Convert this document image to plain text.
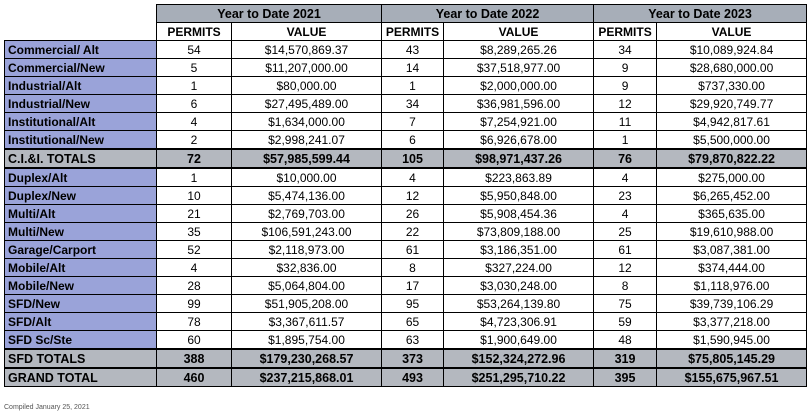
	Year to Date 2021		Year to Date 2022		Year to Date 2023	
	PERMITS	VALUE	PERMITS	VALUE	PERMITS	VALUE
Commercial/ Alt	54	$14,570,869.37	43	$8,289,265.26	34	$10,089,924.84
Commercial/New	5	$11,207,000.00	14	$37,518,977.00	9	$28,680,000.00
Industrial/Alt	1	$80,000.00	1	$2,000,000.00	9	$737,330.00
Industrial/New	6	$27,495,489.00	34	$36,981,596.00	12	$29,920,749.77
Institutional/Alt	4	$1,634,000.00	7	$7,254,921.00	11	$4,942,817.61
Institutional/New	2	$2,998,241.07	6	$6,926,678.00	1	$5,500,000.00
C.I.&I. TOTALS	72	$57,985,599.44	105	$98,971,437.26	76	$79,870,822.22
Duplex/Alt	1	$10,000.00	4	$223,863.89	4	$275,000.00
Duplex/New	10	$5,474,136.00	12	$5,950,848.00	23	$6,265,452.00
Multi/Alt	21	$2,769,703.00	26	$5,908,454.36	4	$365,635.00
Multi/New	35	$106,591,243.00	22	$73,809,188.00	25	$19,610,988.00
Garage/Carport	52	$2,118,973.00	61	$3,186,351.00	61	$3,087,381.00
Mobile/Alt	4	$32,836.00	8	$327,224.00	12	$374,444.00
Mobile/New	28	$5,064,804.00	17	$3,030,248.00	8	$1,118,976.00
SFD/New	99	$51,905,208.00	95	$53,264,139.80	75	$39,739,106.29
SFD/Alt	78	$3,367,611.57	65	$4,723,306.91	59	$3,377,218.00
SFD Sc/Ste	60	$1,895,754.00	63	$1,900,649.00	48	$1,590,945.00
SFD TOTALS	388	$179,230,268.57	373	$152,324,272.96	319	$75,805,145.29
GRAND TOTAL	460	$237,215,868.01	493	$251,295,710.22	395	$155,675,967.51
Compiled January 25, 2021
